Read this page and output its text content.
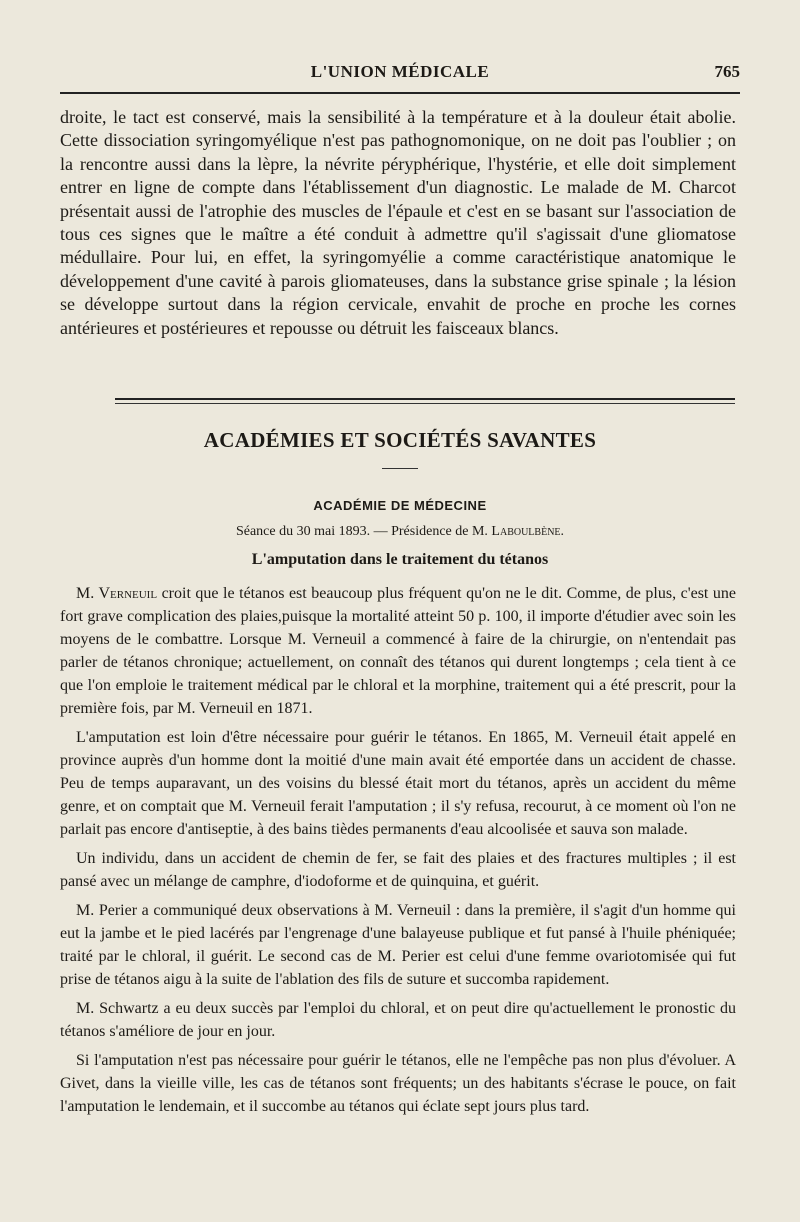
L'UNION MÉDICALE	765

droite, le tact est conservé, mais la sensibilité à la température et à la douleur était abolie. Cette dissociation syringomyélique n'est pas pathognomonique, on ne doit pas l'oublier ; on la rencontre aussi dans la lèpre, la névrite péryphérique, l'hystérie, et elle doit simplement entrer en ligne de compte dans l'établissement d'un diagnostic. Le malade de M. Charcot présentait aussi de l'atrophie des muscles de l'épaule et c'est en se basant sur l'association de tous ces signes que le maître a été conduit à admettre qu'il s'agissait d'une gliomatose médullaire. Pour lui, en effet, la syringomyélie a comme caractéristique anatomique le développement d'une cavité à parois gliomateuses, dans la substance grise spinale ; la lésion se développe surtout dans la région cervicale, envahit de proche en proche les cornes antérieures et postérieures et repousse ou détruit les faisceaux blancs.

ACADÉMIES ET SOCIÉTÉS SAVANTES
ACADÉMIE DE MÉDECINE
Séance du 30 mai 1893. — Présidence de M. Laboulbène.
L'amputation dans le traitement du tétanos

M. Verneuil croit que le tétanos est beaucoup plus fréquent qu'on ne le dit. Comme, de plus, c'est une fort grave complication des plaies,puisque la mortalité atteint 50 p. 100, il importe d'étudier avec soin les moyens de le combattre. Lorsque M. Verneuil a commencé à faire de la chirurgie, on n'entendait pas parler de tétanos chronique; actuellement, on connaît des tétanos qui durent longtemps ; cela tient à ce que l'on emploie le traitement médical par le chloral et la morphine, traitement qui a été prescrit, pour la première fois, par M. Verneuil en 1871.

L'amputation est loin d'être nécessaire pour guérir le tétanos. En 1865, M. Verneuil était appelé en province auprès d'un homme dont la moitié d'une main avait été emportée dans un accident de chasse. Peu de temps auparavant, un des voisins du blessé était mort du tétanos, après un accident du même genre, et on comptait que M. Verneuil ferait l'amputation ; il s'y refusa, recourut, à ce moment où l'on ne parlait pas encore d'antiseptie, à des bains tièdes permanents d'eau alcoolisée et sauva son malade.

Un individu, dans un accident de chemin de fer, se fait des plaies et des fractures multiples ; il est pansé avec un mélange de camphre, d'iodoforme et de quinquina, et guérit.

M. Perier a communiqué deux observations à M. Verneuil : dans la première, il s'agit d'un homme qui eut la jambe et le pied lacérés par l'engrenage d'une balayeuse publique et fut pansé à l'huile phéniquée; traité par le chloral, il guérit. Le second cas de M. Perier est celui d'une femme ovariotomisée qui fut prise de tétanos aigu à la suite de l'ablation des fils de suture et succomba rapidement.

M. Schwartz a eu deux succès par l'emploi du chloral, et on peut dire qu'actuellement le pronostic du tétanos s'améliore de jour en jour.

Si l'amputation n'est pas nécessaire pour guérir le tétanos, elle ne l'empêche pas non plus d'évoluer. A Givet, dans la vieille ville, les cas de tétanos sont fréquents; un des habitants s'écrase le pouce, on fait l'amputation le lendemain, et il succombe au tétanos qui éclate sept jours plus tard.
